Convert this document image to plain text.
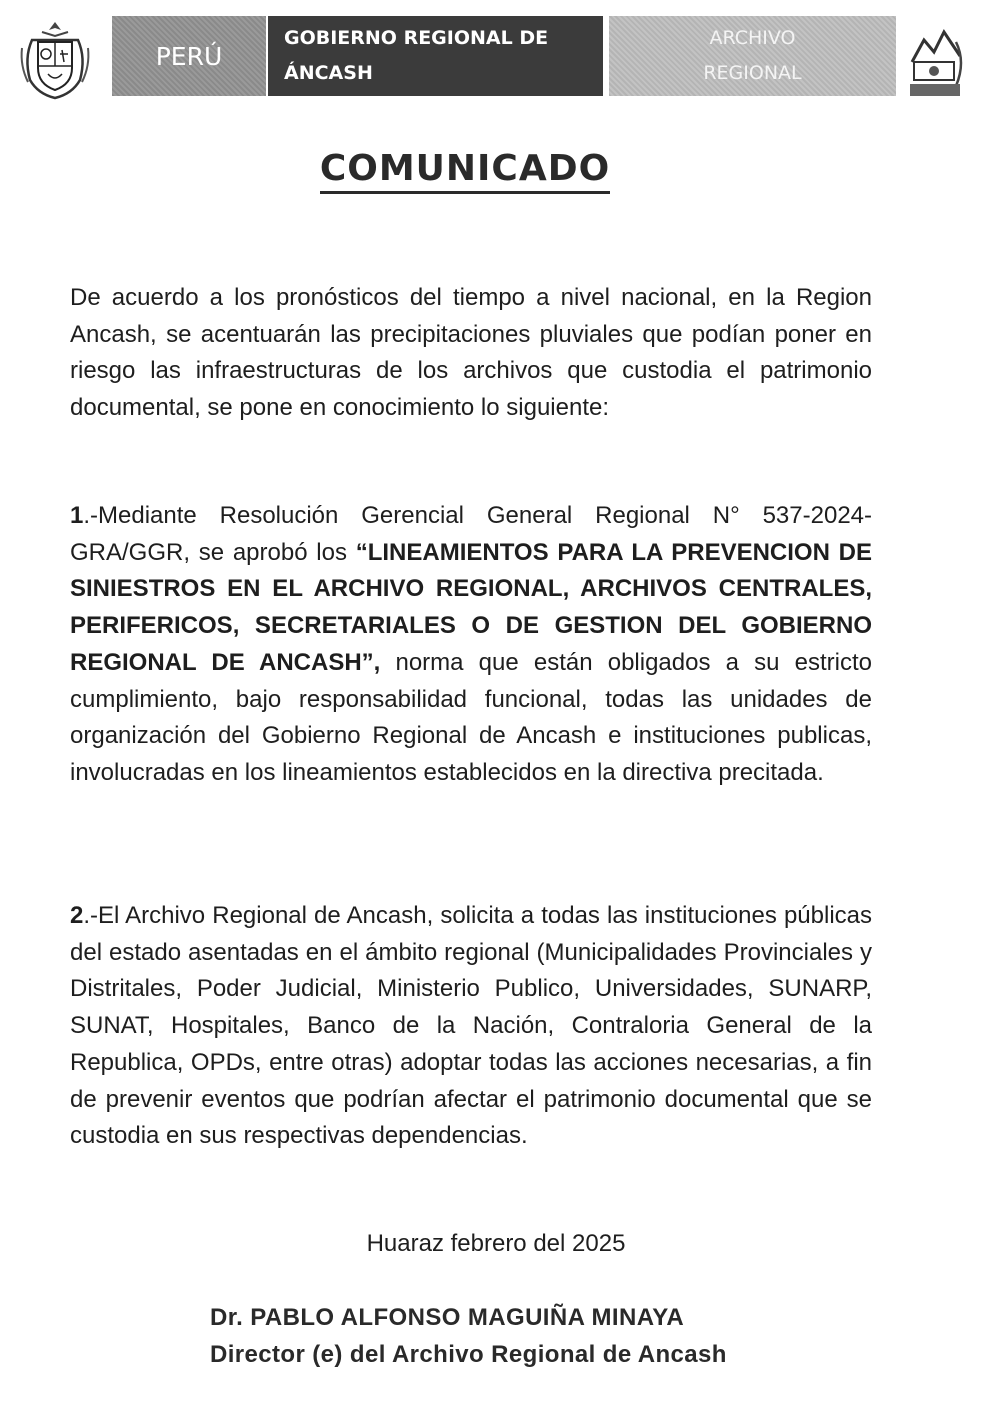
PERÚ
GOBIERNO REGIONAL DE
ÁNCASH
ARCHIVO
REGIONAL
COMUNICADO

De acuerdo a los pronósticos del tiempo a nivel nacional, en la Region Ancash, se acentuarán las precipitaciones pluviales que podían poner en riesgo las infraestructuras de los archivos que custodia el patrimonio documental, se pone en conocimiento lo siguiente:

1.-Mediante Resolución Gerencial General Regional N° 537-2024-GRA/GGR, se aprobó los “LINEAMIENTOS PARA LA PREVENCION DE SINIESTROS EN EL ARCHIVO REGIONAL, ARCHIVOS CENTRALES, PERIFERICOS, SECRETARIALES O DE GESTION DEL GOBIERNO REGIONAL DE ANCASH”, norma que están obligados a su estricto cumplimiento, bajo responsabilidad funcional, todas las unidades de organización del Gobierno Regional de Ancash e instituciones publicas, involucradas en los lineamientos establecidos en la directiva precitada.

2.-El Archivo Regional de Ancash, solicita a todas las instituciones públicas del estado asentadas en el ámbito regional (Municipalidades Provinciales y Distritales, Poder Judicial, Ministerio Publico, Universidades, SUNARP, SUNAT, Hospitales, Banco de la Nación, Contraloria General de la Republica, OPDs, entre otras) adoptar todas las acciones necesarias, a fin de prevenir eventos que podrían afectar el patrimonio documental que se custodia en sus respectivas dependencias.

Huaraz febrero del 2025
Dr. PABLO ALFONSO MAGUIÑA MINAYA
Director (e) del Archivo Regional de Ancash
